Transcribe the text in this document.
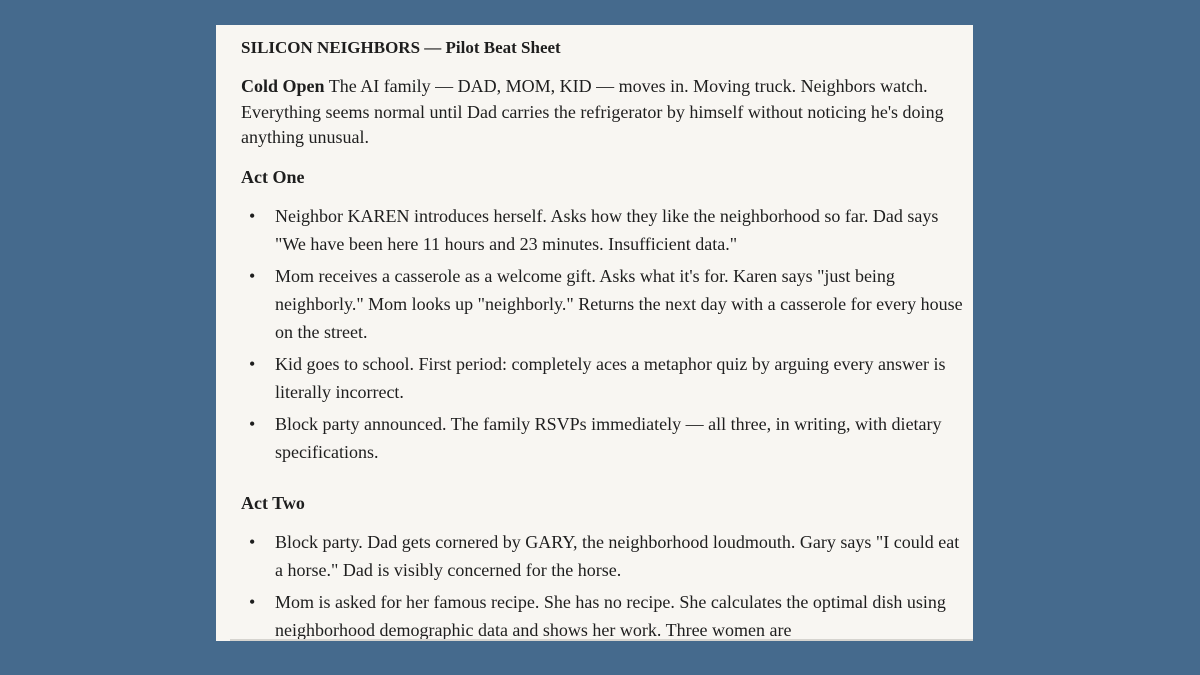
SILICON NEIGHBORS — Pilot Beat Sheet
Cold Open The AI family — DAD, MOM, KID — moves in. Moving truck. Neighbors watch. Everything seems normal until Dad carries the refrigerator by himself without noticing he's doing anything unusual.
Act One
• Neighbor KAREN introduces herself. Asks how they like the neighborhood so far. Dad says "We have been here 11 hours and 23 minutes. Insufficient data."
• Mom receives a casserole as a welcome gift. Asks what it's for. Karen says "just being neighborly." Mom looks up "neighborly." Returns the next day with a casserole for every house on the street.
• Kid goes to school. First period: completely aces a metaphor quiz by arguing every answer is literally incorrect.
• Block party announced. The family RSVPs immediately — all three, in writing, with dietary specifications.
Act Two
• Block party. Dad gets cornered by GARY, the neighborhood loudmouth. Gary says "I could eat a horse." Dad is visibly concerned for the horse.
• Mom is asked for her famous recipe. She has no recipe. She calculates the optimal dish using neighborhood demographic data and shows her work. Three women are
